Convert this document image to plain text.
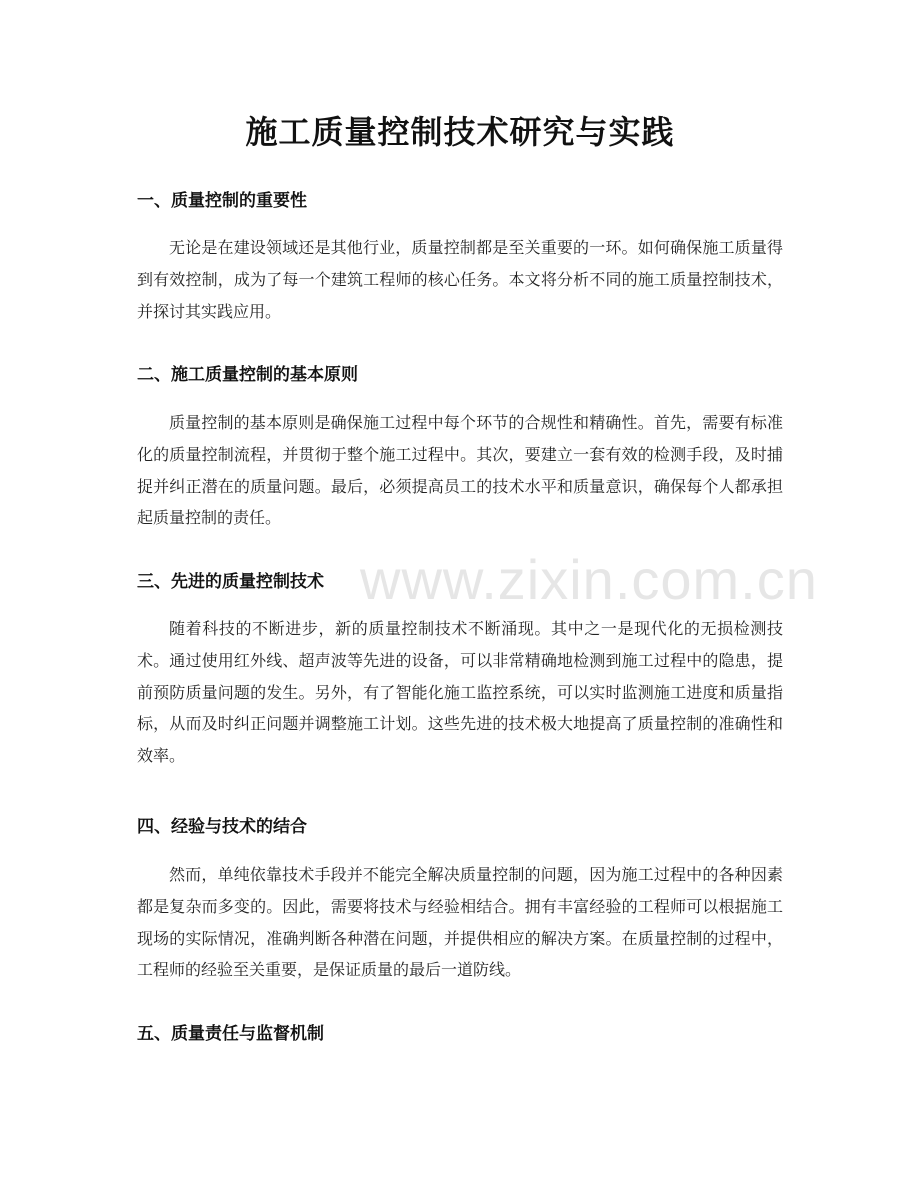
施工质量控制技术研究与实践
一、质量控制的重要性

无论是在建设领域还是其他行业，质量控制都是至关重要的一环。如何确保施工质量得到有效控制，成为了每一个建筑工程师的核心任务。本文将分析不同的施工质量控制技术，并探讨其实践应用。

二、施工质量控制的基本原则

质量控制的基本原则是确保施工过程中每个环节的合规性和精确性。首先，需要有标准化的质量控制流程，并贯彻于整个施工过程中。其次，要建立一套有效的检测手段，及时捕捉并纠正潜在的质量问题。最后，必须提高员工的技术水平和质量意识，确保每个人都承担起质量控制的责任。

三、先进的质量控制技术

随着科技的不断进步，新的质量控制技术不断涌现。其中之一是现代化的无损检测技术。通过使用红外线、超声波等先进的设备，可以非常精确地检测到施工过程中的隐患，提前预防质量问题的发生。另外，有了智能化施工监控系统，可以实时监测施工进度和质量指标，从而及时纠正问题并调整施工计划。这些先进的技术极大地提高了质量控制的准确性和效率。

四、经验与技术的结合

然而，单纯依靠技术手段并不能完全解决质量控制的问题，因为施工过程中的各种因素都是复杂而多变的。因此，需要将技术与经验相结合。拥有丰富经验的工程师可以根据施工现场的实际情况，准确判断各种潜在问题，并提供相应的解决方案。在质量控制的过程中，工程师的经验至关重要，是保证质量的最后一道防线。

五、质量责任与监督机制
www.zixin.com.cn
